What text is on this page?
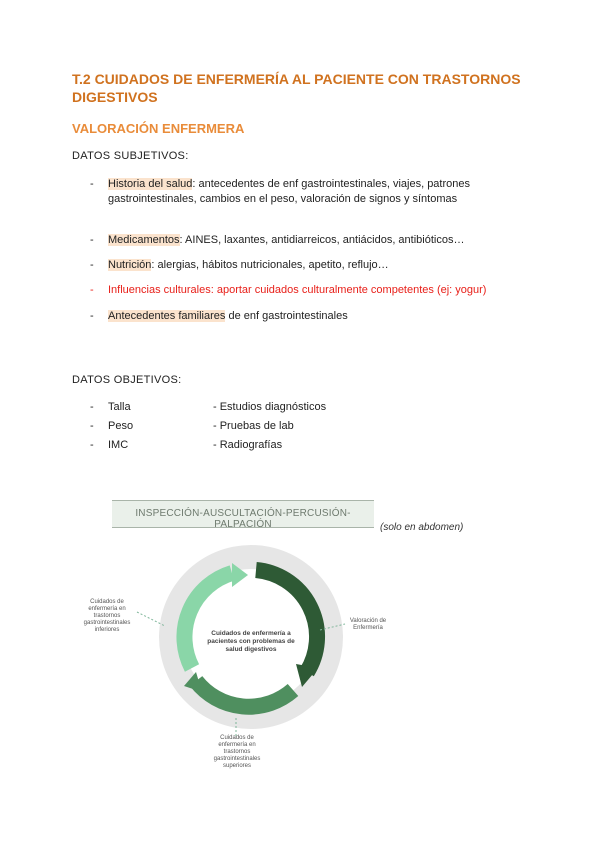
T.2 CUIDADOS DE ENFERMERÍA AL PACIENTE CON TRASTORNOS DIGESTIVOS
VALORACIÓN ENFERMERA
DATOS SUBJETIVOS:
- Historia del salud: antecedentes de enf gastrointestinales, viajes, patrones gastrointestinales, cambios en el peso, valoración de signos y síntomas
- Medicamentos: AINES, laxantes, antidiarreicos, antiácidos, antibióticos…
- Nutrición: alergias, hábitos nutricionales, apetito, reflujo…
- Influencias culturales: aportar cuidados culturalmente competentes (ej: yogur)
- Antecedentes familiares de enf gastrointestinales
DATOS OBJETIVOS:
- Talla	- Estudios diagnósticos
- Peso	- Pruebas de lab
- IMC	- Radiografías
INSPECCIÓN-AUSCULTACIÓN-PERCUSIÓN-PALPACIÓN	(solo en abdomen)
Cuidados de enfermería a pacientes con problemas de salud digestivos
Cuidados de enfermería en trastornos gastrointestinales inferiores
Valoración de Enfermería
Cuidados de enfermería en trastornos gastrointestinales superiores
